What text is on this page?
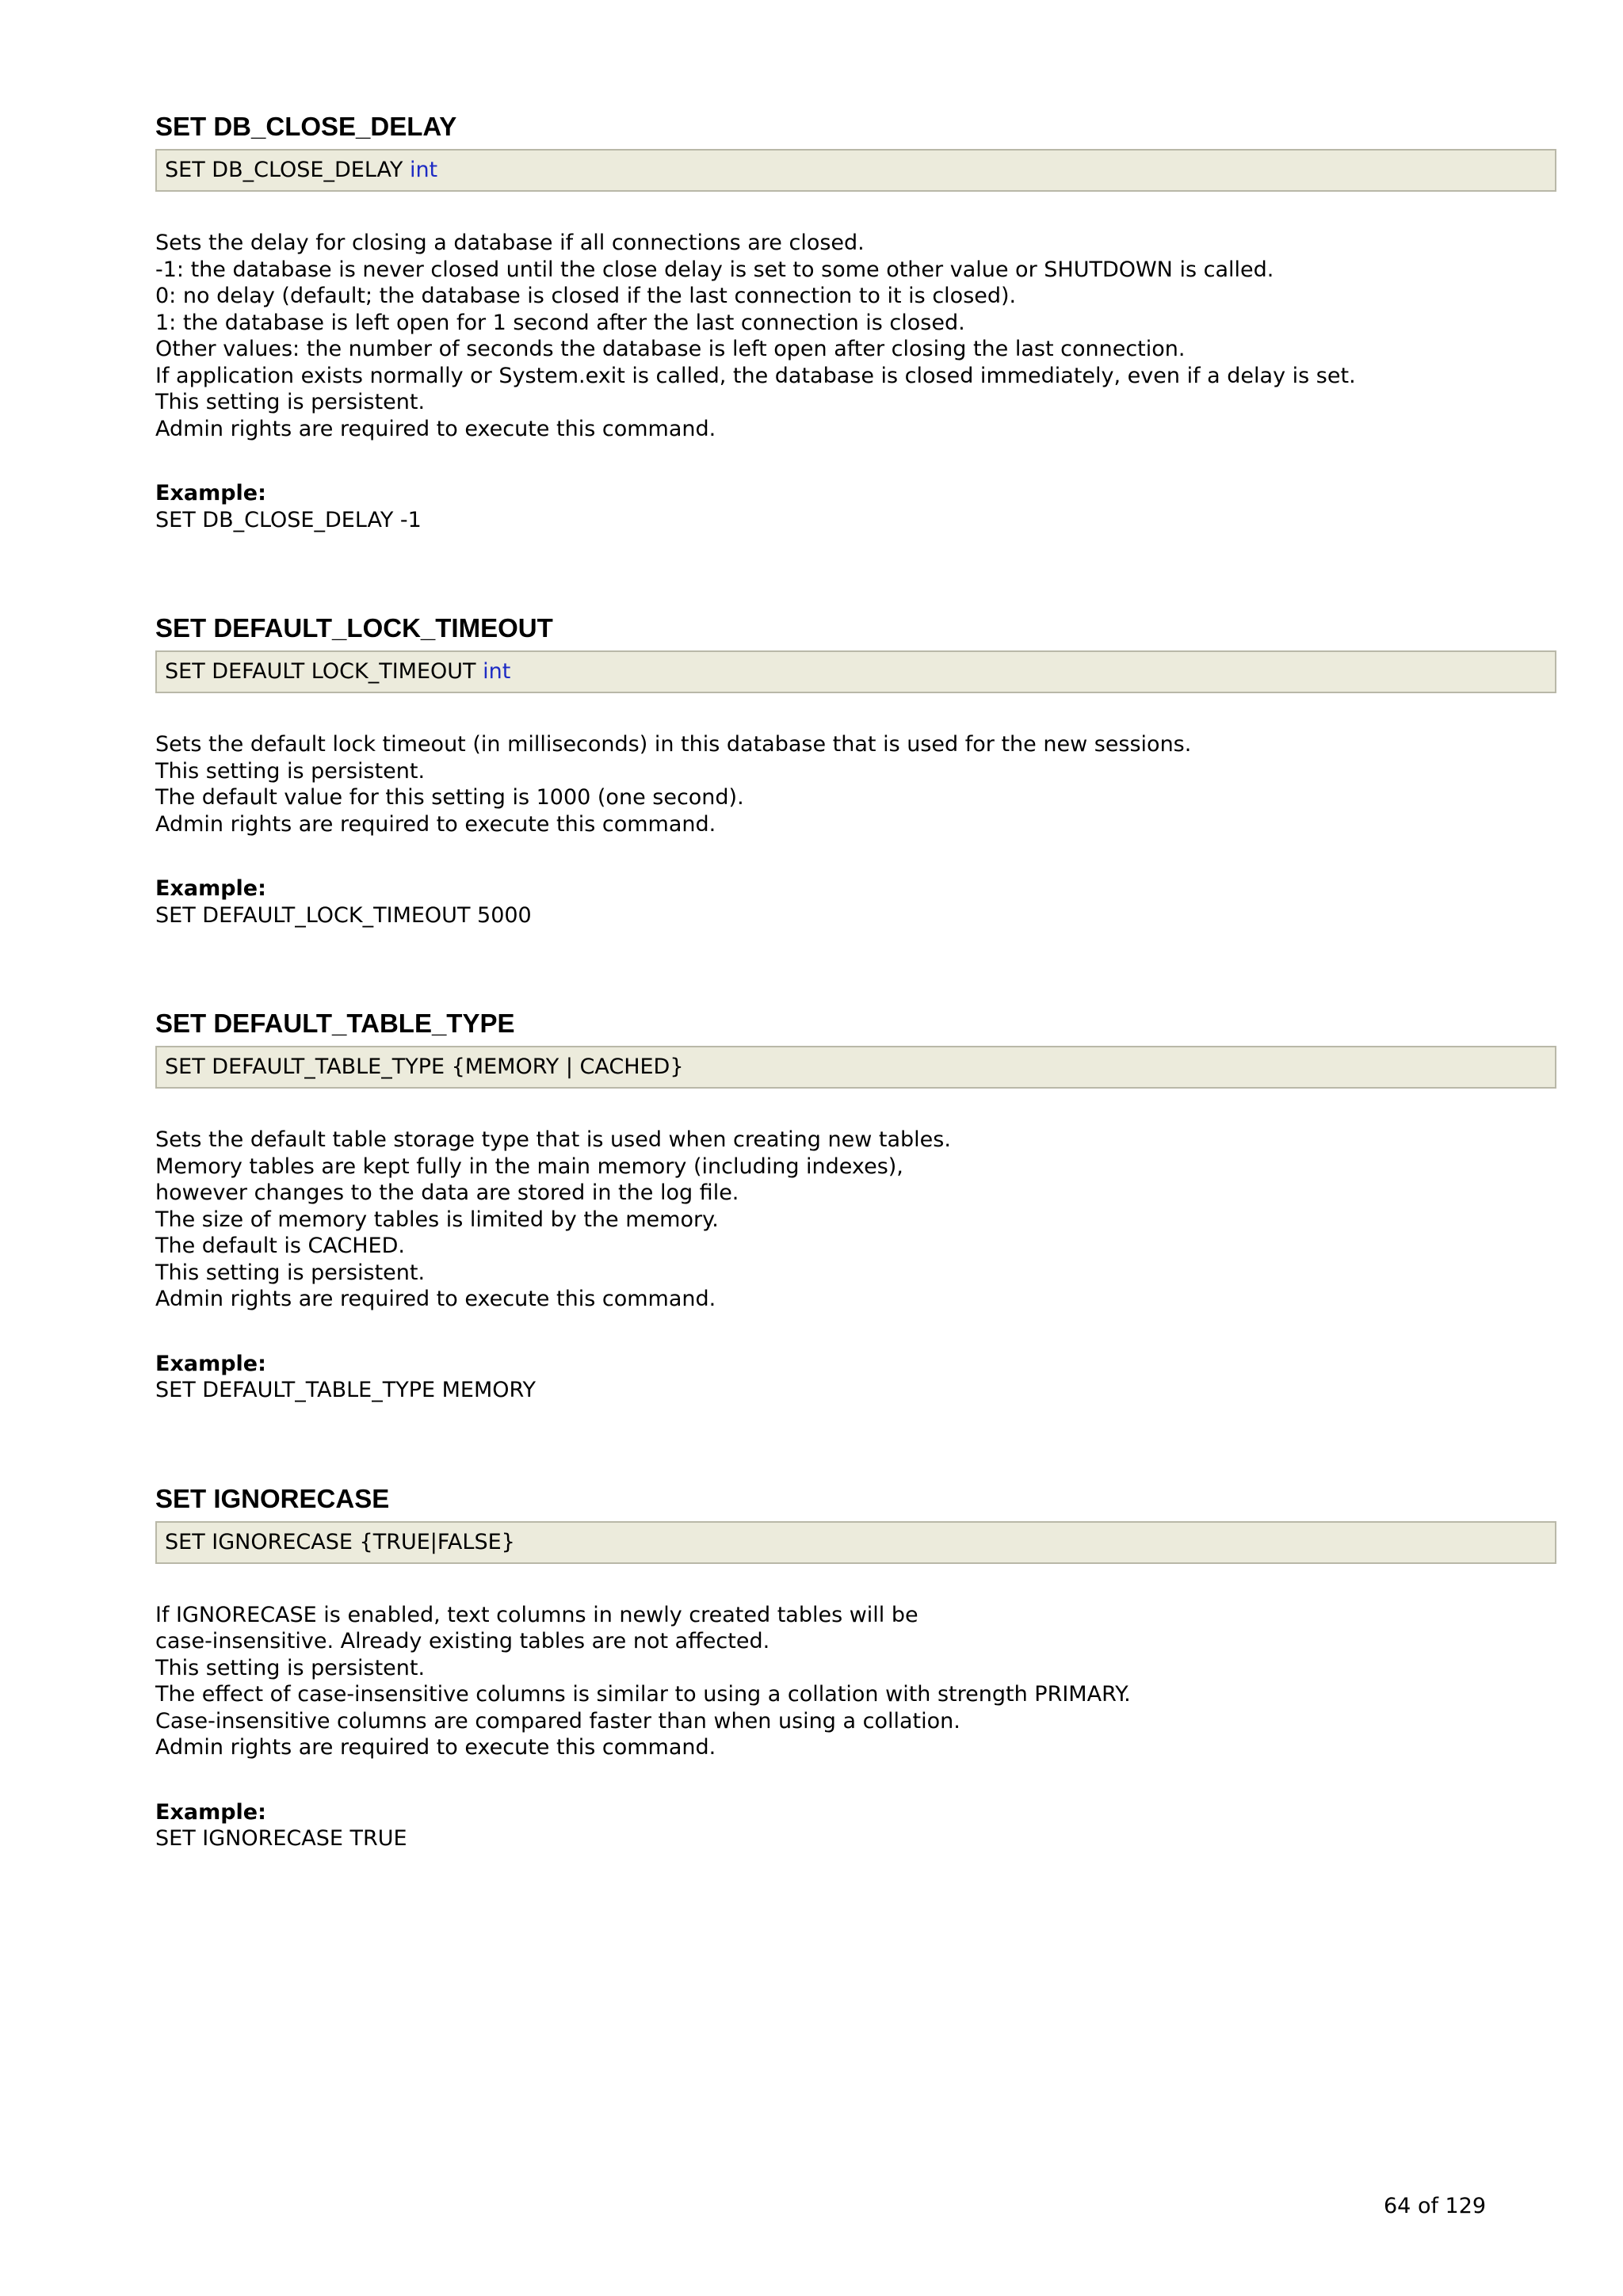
SET DB_CLOSE_DELAY
SET DB_CLOSE_DELAY int
Sets the delay for closing a database if all connections are closed.
-1: the database is never closed until the close delay is set to some other value or SHUTDOWN is called.
0: no delay (default; the database is closed if the last connection to it is closed).
1: the database is left open for 1 second after the last connection is closed.
Other values: the number of seconds the database is left open after closing the last connection.
If application exists normally or System.exit is called, the database is closed immediately, even if a delay is set.
This setting is persistent.
Admin rights are required to execute this command.
Example:
SET DB_CLOSE_DELAY -1
SET DEFAULT_LOCK_TIMEOUT
SET DEFAULT LOCK_TIMEOUT int
Sets the default lock timeout (in milliseconds) in this database that is used for the new sessions.
This setting is persistent.
The default value for this setting is 1000 (one second).
Admin rights are required to execute this command.
Example:
SET DEFAULT_LOCK_TIMEOUT 5000
SET DEFAULT_TABLE_TYPE
SET DEFAULT_TABLE_TYPE {MEMORY | CACHED}
Sets the default table storage type that is used when creating new tables.
Memory tables are kept fully in the main memory (including indexes),
however changes to the data are stored in the log file.
The size of memory tables is limited by the memory.
The default is CACHED.
This setting is persistent.
Admin rights are required to execute this command.
Example:
SET DEFAULT_TABLE_TYPE MEMORY
SET IGNORECASE
SET IGNORECASE {TRUE|FALSE}
If IGNORECASE is enabled, text columns in newly created tables will be
case-insensitive. Already existing tables are not affected.
This setting is persistent.
The effect of case-insensitive columns is similar to using a collation with strength PRIMARY.
Case-insensitive columns are compared faster than when using a collation.
Admin rights are required to execute this command.
Example:
SET IGNORECASE TRUE
64 of 129
